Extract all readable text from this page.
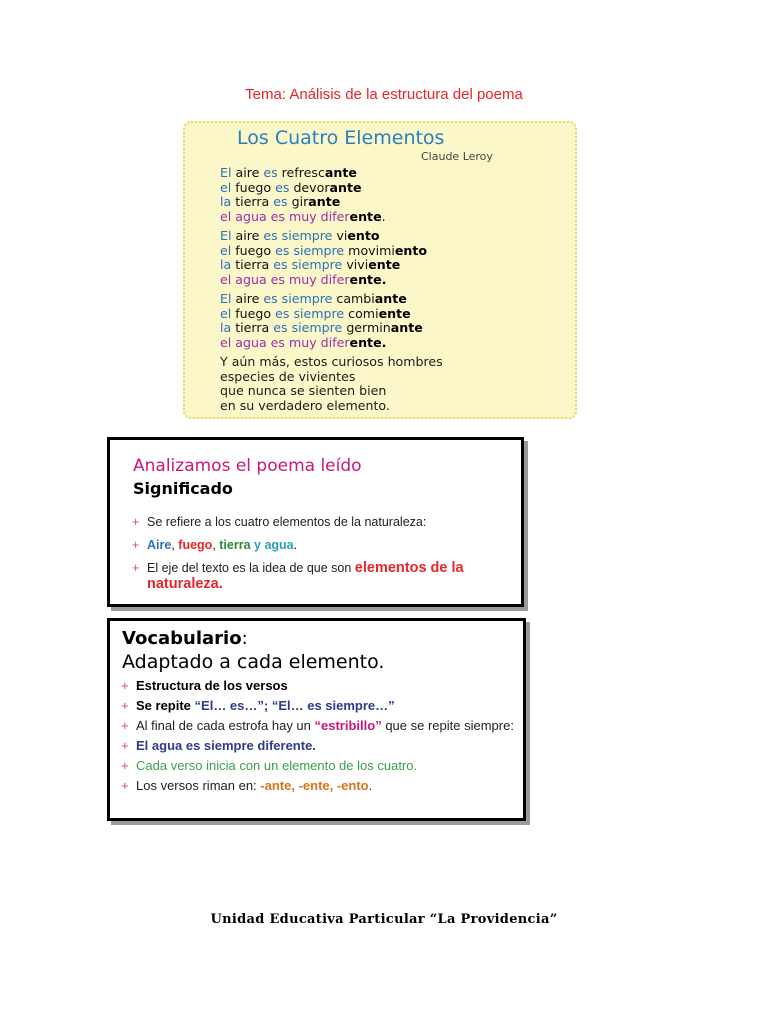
Tema: Análisis de la estructura del poema
Los Cuatro Elementos
Claude Leroy
El aire es refrescante
el fuego es devorante
la tierra es girante
el agua es muy diferente.
El aire es siempre viento
el fuego es siempre movimiento
la tierra es siempre viviente
el agua es muy diferente.
El aire es siempre cambiante
el fuego es siempre comiente
la tierra es siempre germinante
el agua es muy diferente.
Y aún más, estos curiosos hombres
especies de vivientes
que nunca se sienten bien
en su verdadero elemento.
Analizamos el poema leído
Significado
+ Se refiere a los cuatro elementos de la naturaleza:
+ Aire, fuego, tierra y agua.
+ El eje del texto es la idea de que son elementos de la naturaleza.
Vocabulario:
Adaptado a cada elemento.
+ Estructura de los versos
+ Se repite “El… es…”; “El… es siempre…”
+ Al final de cada estrofa hay un “estribillo” que se repite siempre:
+ El agua es siempre diferente.
+ Cada verso inicia con un elemento de los cuatro.
+ Los versos riman en: -ante, -ente, -ento.
Unidad Educativa Particular “La Providencia”
